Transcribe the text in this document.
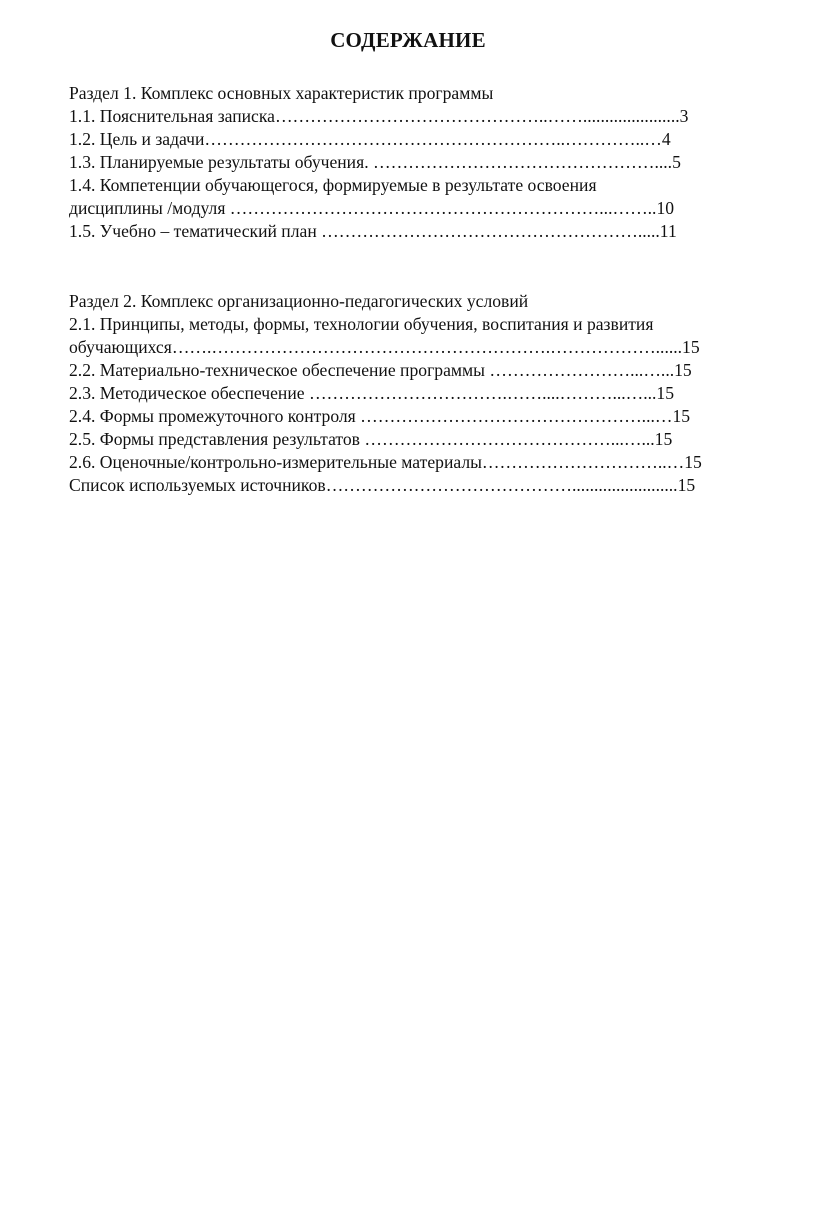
СОДЕРЖАНИЕ
Раздел 1. Комплекс основных характеристик программы
1.1. Пояснительная записка………………………………………..……......................3
1.2. Цель и задачи……………………………………………………..…………..…4
1.3. Планируемые результаты обучения. …………………………………………....5
1.4. Компетенции обучающегося, формируемые в результате освоения
дисциплины /модуля ………………………………………………………...……..10
1.5. Учебно – тематический план ……………………………………………….....11
Раздел 2. Комплекс организационно-педагогических условий
2.1. Принципы, методы, формы, технологии обучения, воспитания и развития
обучающихся…….………………………………………………….………………......15
2.2. Материально-техническое обеспечение программы ……………………...…...15
2.3. Методическое обеспечение …………………………….……....………...…...15
2.4. Формы промежуточного контроля …………………………………………...…15
2.5. Формы представления результатов ……………………………………...…...15
2.6. Оценочные/контрольно-измерительные материалы…………………………..…15
Список используемых источников……………………………………........................15
